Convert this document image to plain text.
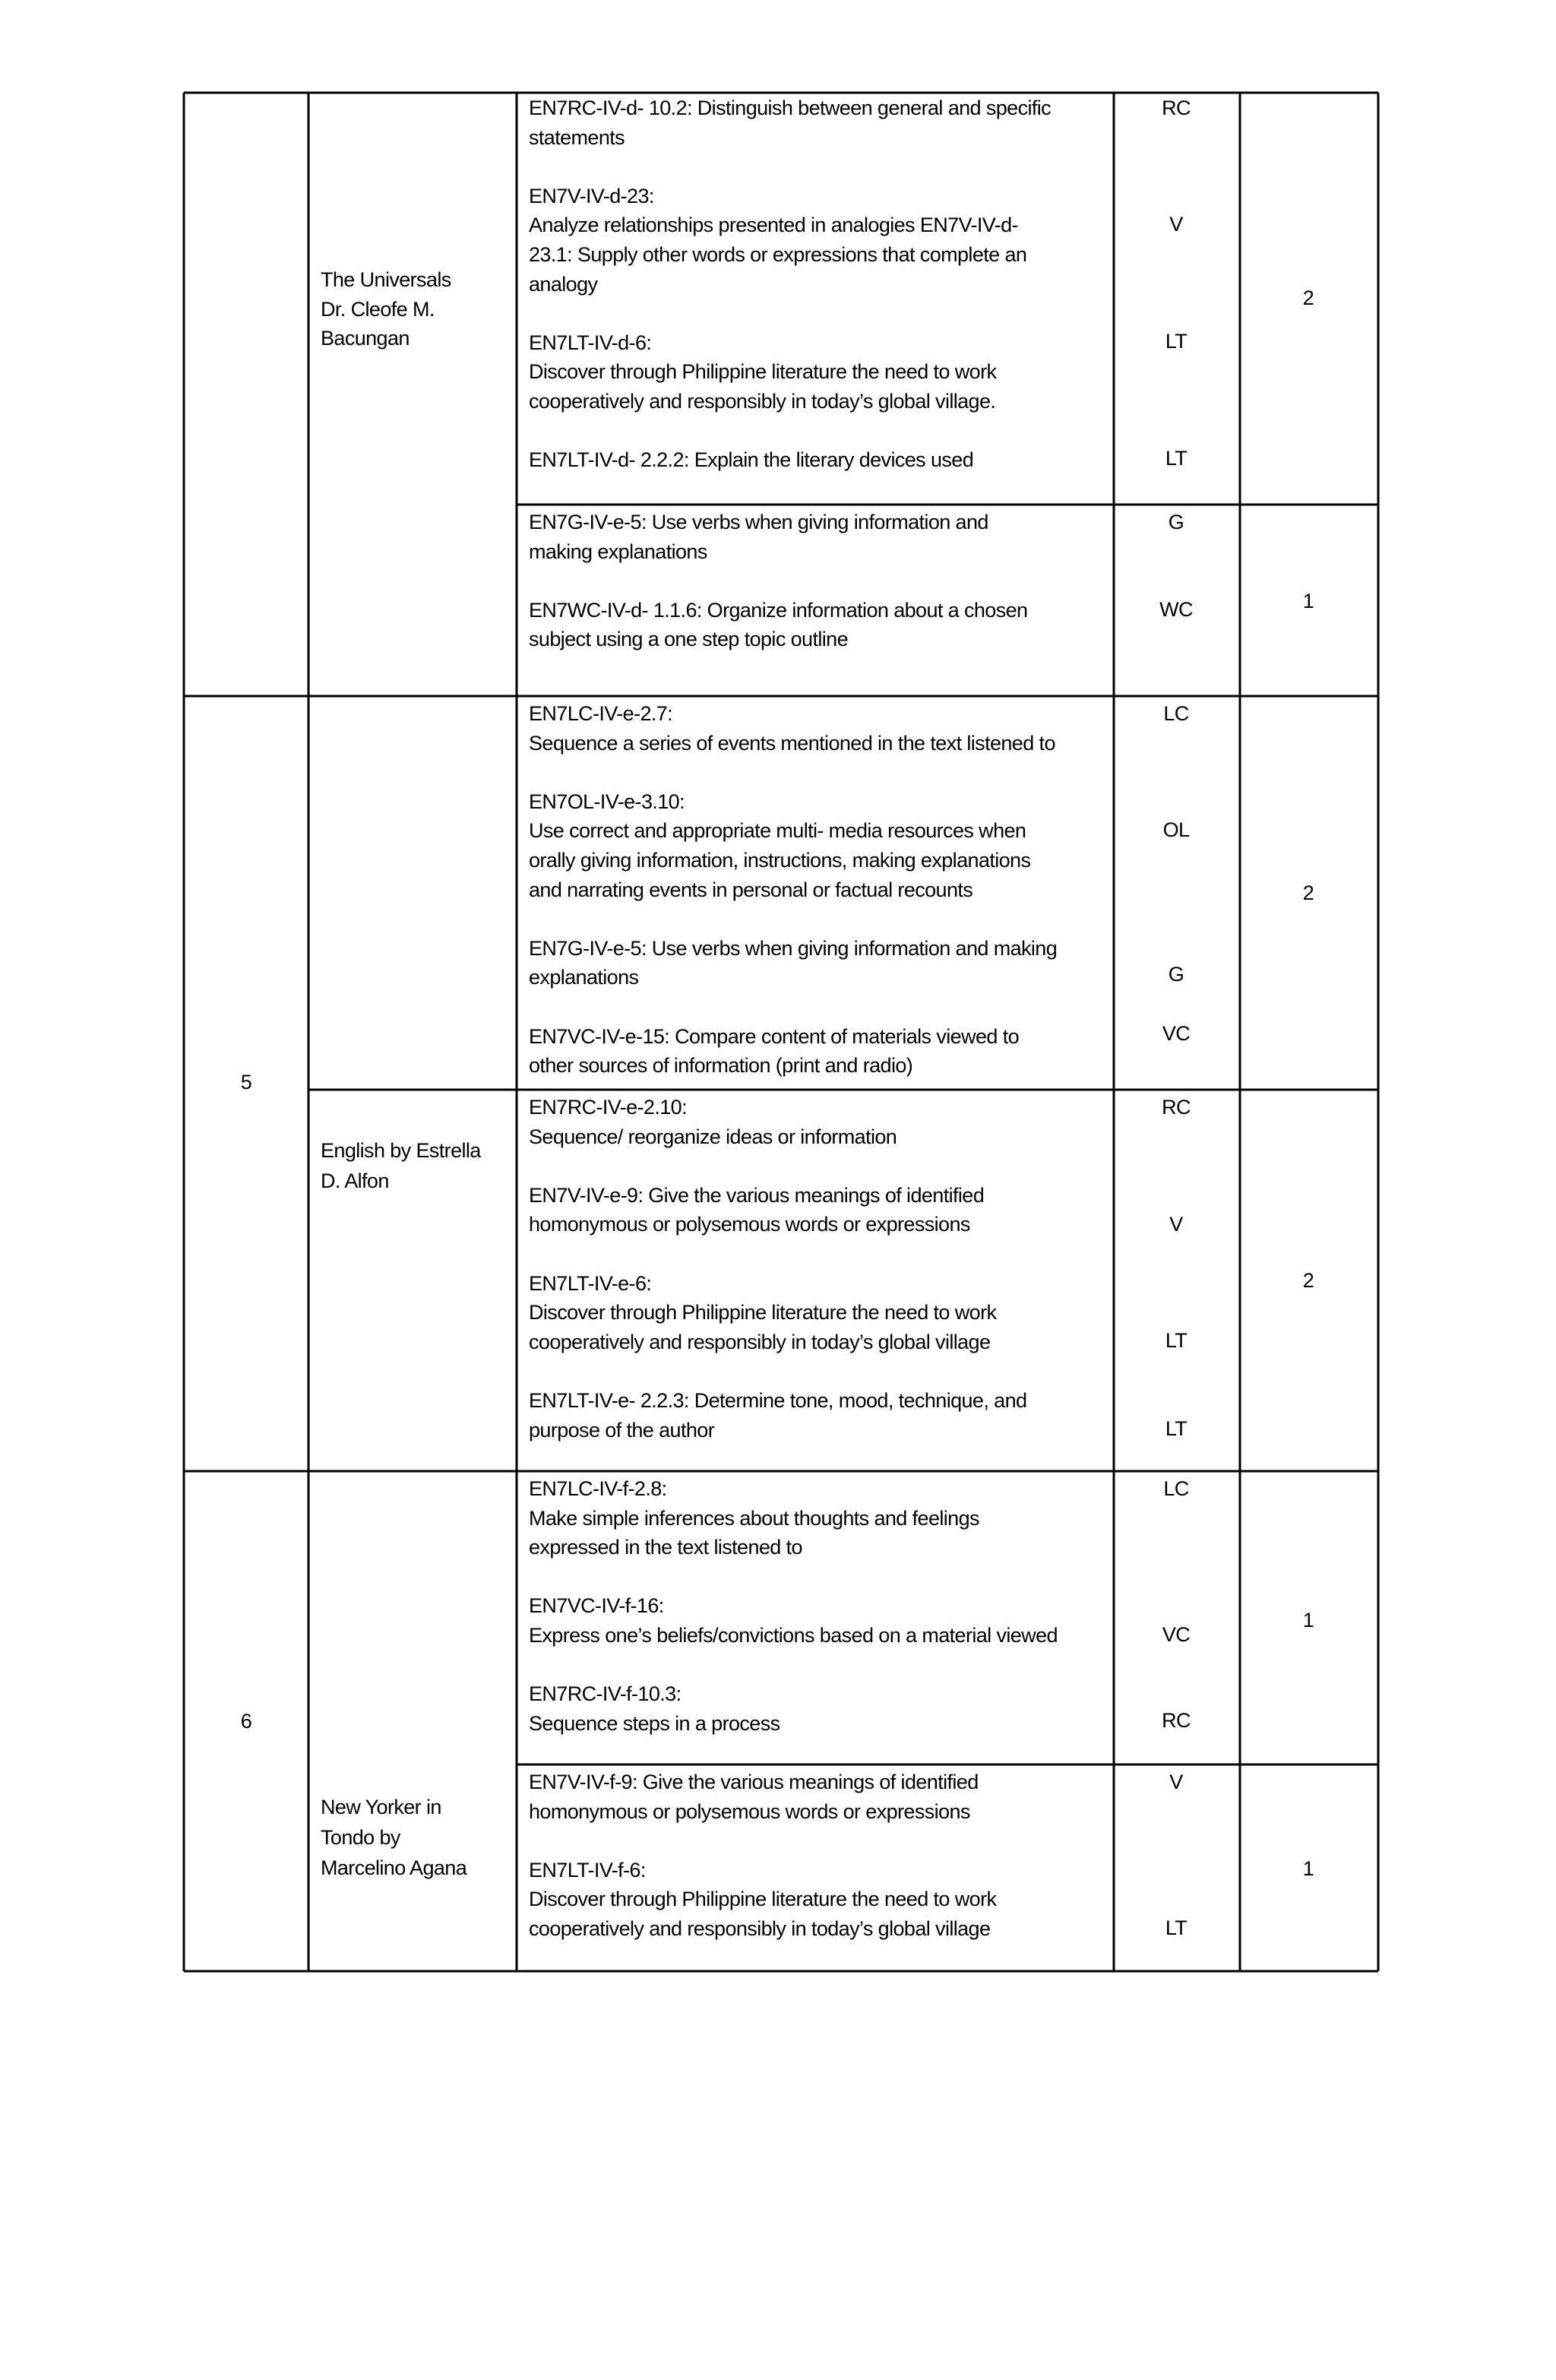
EN7RC-IV-d- 10.2: Distinguish between general and specific
statements
EN7V-IV-d-23:
Analyze relationships presented in analogies EN7V-IV-d-
23.1: Supply other words or expressions that complete an
analogy
EN7LT-IV-d-6:
Discover through Philippine literature the need to work
cooperatively and responsibly in today’s global village.
EN7LT-IV-d- 2.2.2: Explain the literary devices used
The Universals
Dr. Cleofe M.
Bacungan
RC
V
LT
LT
2
EN7G-IV-e-5: Use verbs when giving information and
making explanations
EN7WC-IV-d- 1.1.6: Organize information about a chosen
subject using a one step topic outline
G
WC	1
EN7LC-IV-e-2.7:
Sequence a series of events mentioned in the text listened to
EN7OL-IV-e-3.10:
Use correct and appropriate multi- media resources when
orally giving information, instructions, making explanations
and narrating events in personal or factual recounts
EN7G-IV-e-5: Use verbs when giving information and making
explanations
EN7VC-IV-e-15: Compare content of materials viewed to
other sources of information (print and radio)
5
LC
OL
G
VC
2
EN7RC-IV-e-2.10:
Sequence/ reorganize ideas or information
EN7V-IV-e-9: Give the various meanings of identified
homonymous or polysemous words or expressions
EN7LT-IV-e-6:
Discover through Philippine literature the need to work
cooperatively and responsibly in today’s global village
EN7LT-IV-e- 2.2.3: Determine tone, mood, technique, and
purpose of the author
English by Estrella
D. Alfon
RC
V
LT
LT
2
EN7LC-IV-f-2.8:
Make simple inferences about thoughts and feelings
expressed in the text listened to
EN7VC-IV-f-16:
Express one’s beliefs/convictions based on a material viewed
EN7RC-IV-f-10.3:
Sequence steps in a process
6
LC
VC
RC
1
EN7V-IV-f-9: Give the various meanings of identified
homonymous or polysemous words or expressions
EN7LT-IV-f-6:
Discover through Philippine literature the need to work
cooperatively and responsibly in today’s global village
New Yorker in
Tondo by
Marcelino Agana
V
LT
1
